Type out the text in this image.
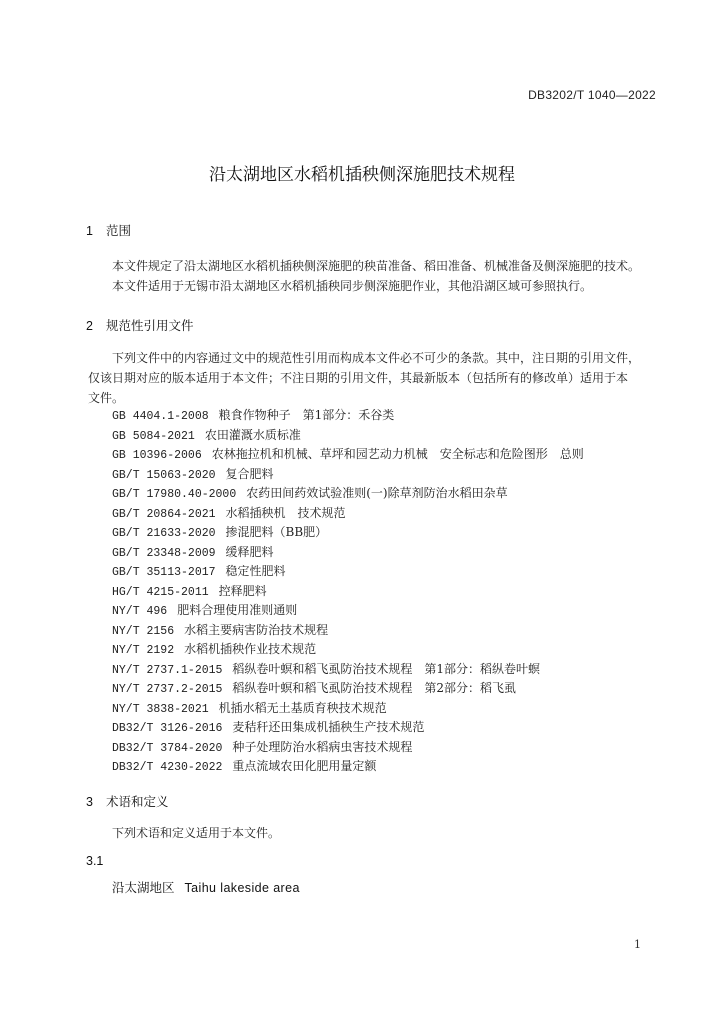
DB3202/T 1040—2022
沿太湖地区水稻机插秧侧深施肥技术规程
1 范围
本文件规定了沿太湖地区水稻机插秧侧深施肥的秧苗准备、稻田准备、机械准备及侧深施肥的技术。
本文件适用于无锡市沿太湖地区水稻机插秧同步侧深施肥作业，其他沿湖区域可参照执行。
2 规范性引用文件
下列文件中的内容通过文中的规范性引用而构成本文件必不可少的条款。其中，注日期的引用文件，
仅该日期对应的版本适用于本文件；不注日期的引用文件，其最新版本（包括所有的修改单）适用于本
文件。
GB 4404.1-2008 粮食作物种子　第1部分：禾谷类
GB 5084-2021 农田灌溉水质标准
GB 10396-2006 农林拖拉机和机械、草坪和园艺动力机械　安全标志和危险图形　总则
GB/T 15063-2020 复合肥料
GB/T 17980.40-2000 农药田间药效试验准则(一)除草剂防治水稻田杂草
GB/T 20864-2021 水稻插秧机　技术规范
GB/T 21633-2020 掺混肥料（BB肥）
GB/T 23348-2009 缓释肥料
GB/T 35113-2017 稳定性肥料
HG/T 4215-2011 控释肥料
NY/T 496 肥料合理使用准则通则
NY/T 2156 水稻主要病害防治技术规程
NY/T 2192 水稻机插秧作业技术规范
NY/T 2737.1-2015 稻纵卷叶螟和稻飞虱防治技术规程　第1部分：稻纵卷叶螟
NY/T 2737.2-2015 稻纵卷叶螟和稻飞虱防治技术规程　第2部分：稻飞虱
NY/T 3838-2021 机插水稻无土基质育秧技术规范
DB32/T 3126-2016 麦秸秆还田集成机插秧生产技术规范
DB32/T 3784-2020 种子处理防治水稻病虫害技术规程
DB32/T 4230-2022 重点流域农田化肥用量定额
3 术语和定义
下列术语和定义适用于本文件。
3.1
沿太湖地区 Taihu lakeside area
1
